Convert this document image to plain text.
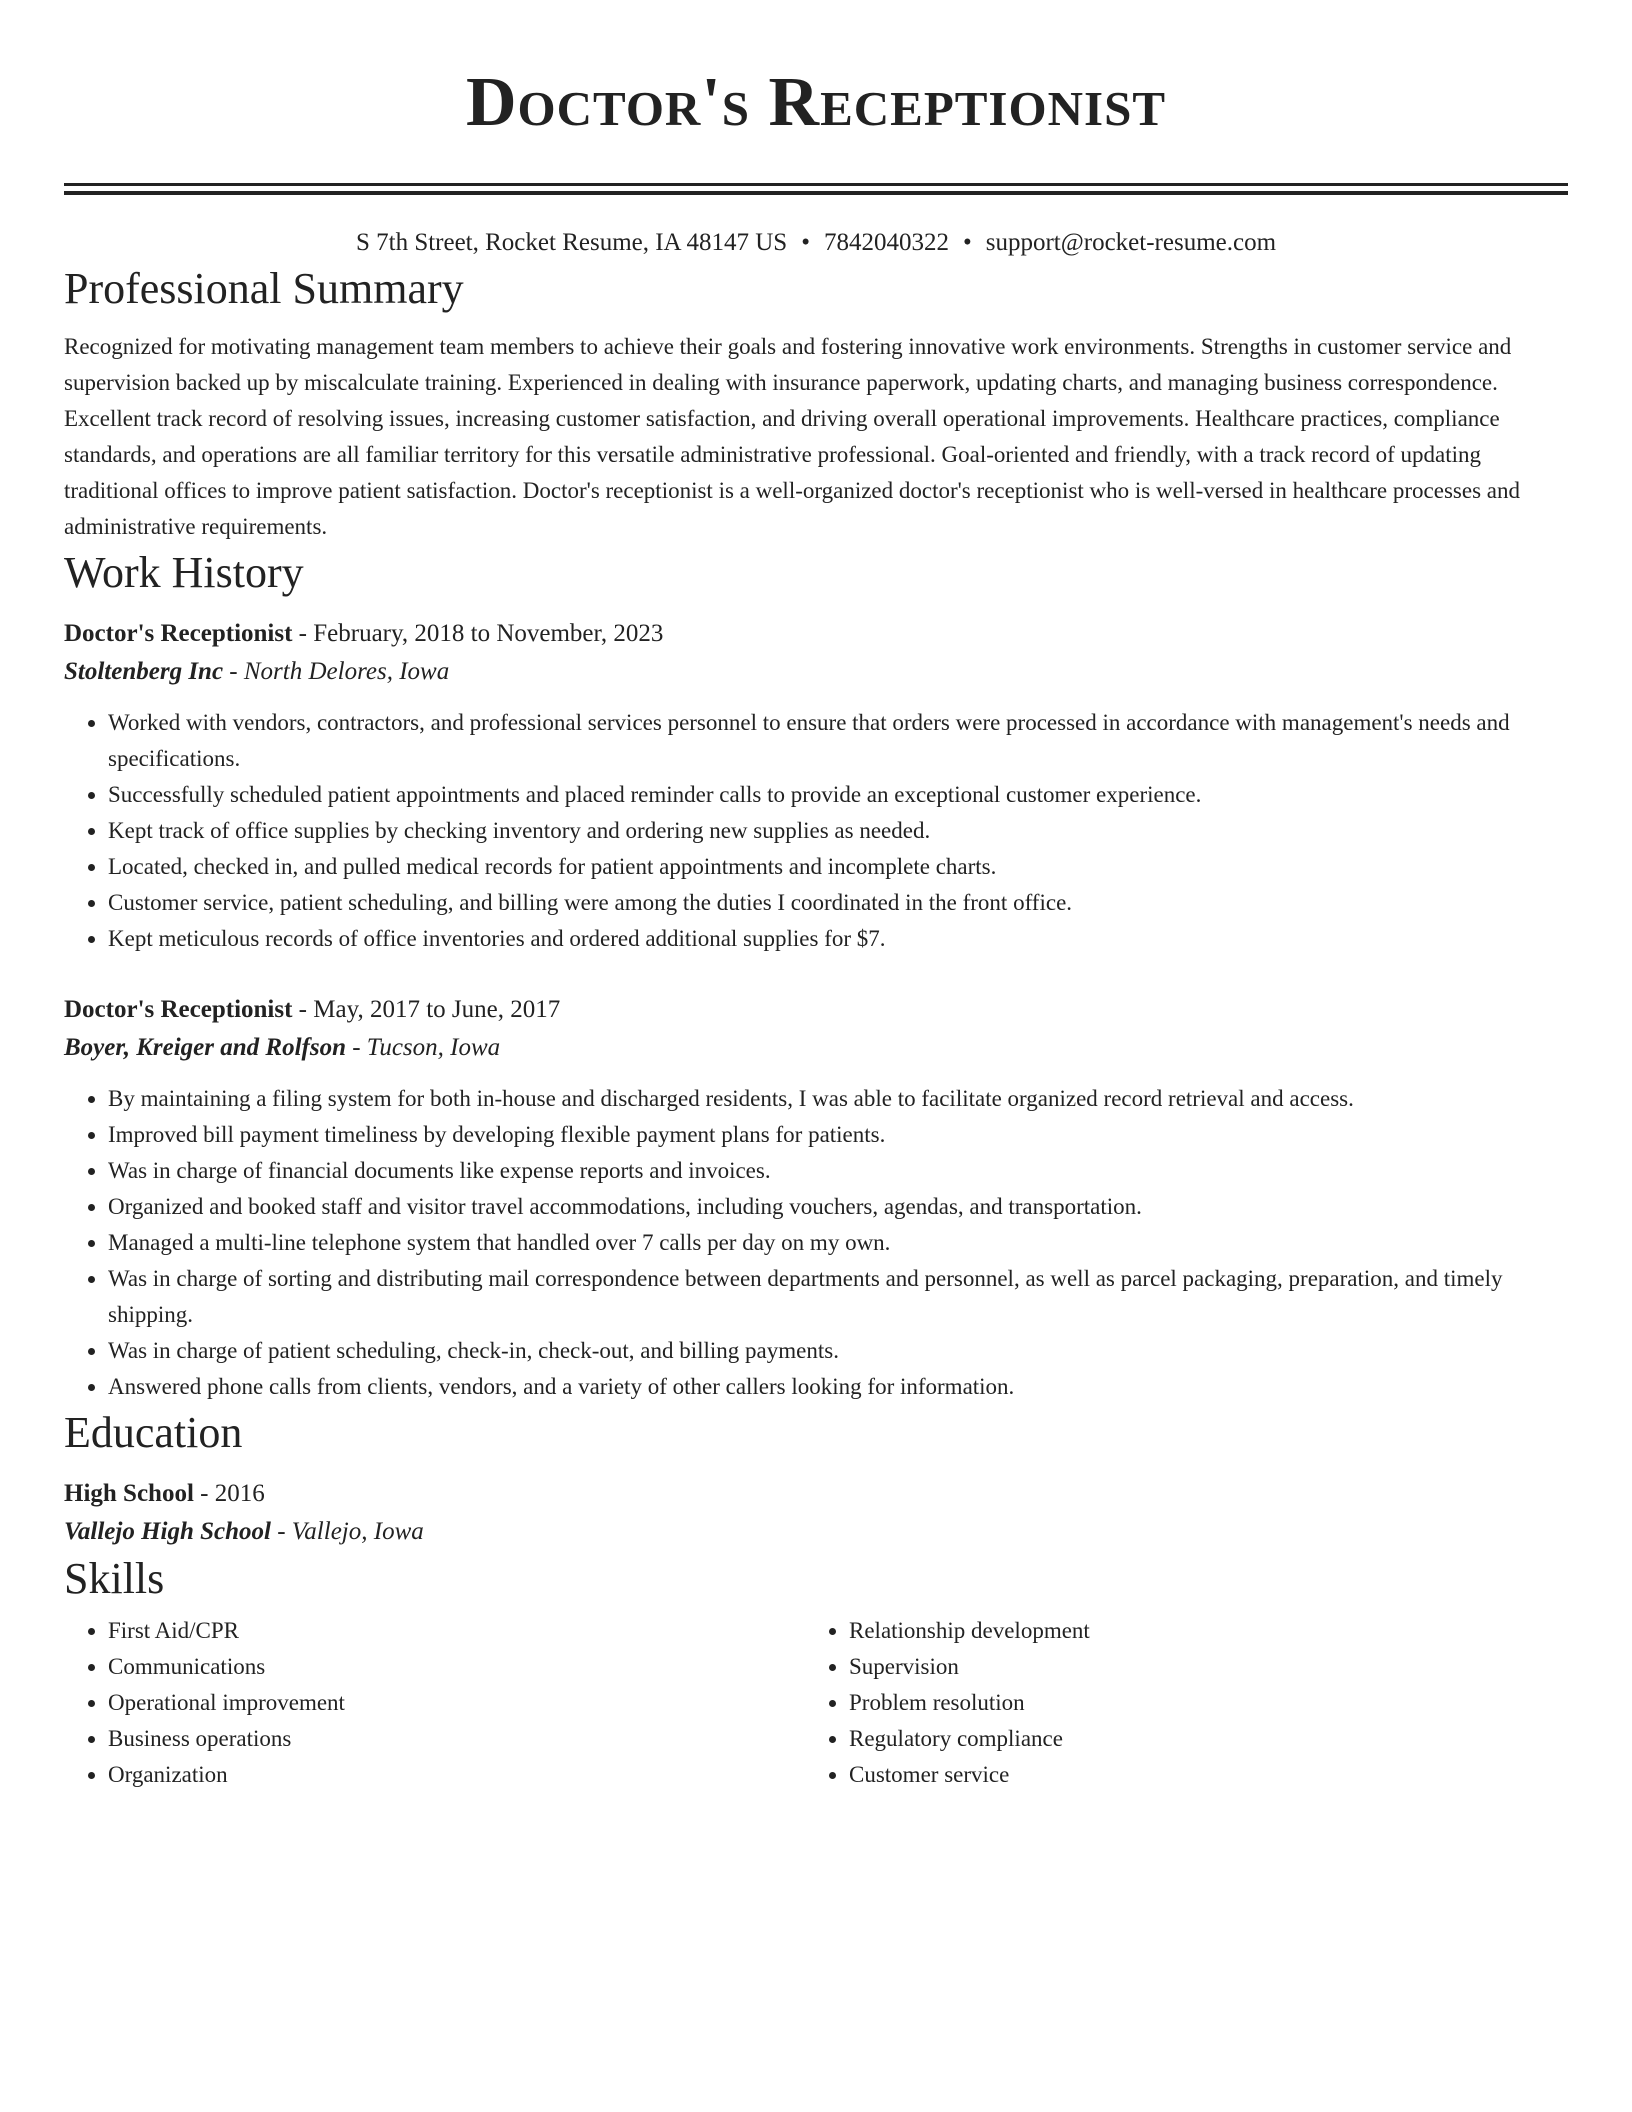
Doctor's Receptionist
S 7th Street, Rocket Resume, IA 48147 US • 7842040322 • support@rocket-resume.com
Professional Summary
Recognized for motivating management team members to achieve their goals and fostering innovative work environments. Strengths in customer service and supervision backed up by miscalculate training. Experienced in dealing with insurance paperwork, updating charts, and managing business correspondence. Excellent track record of resolving issues, increasing customer satisfaction, and driving overall operational improvements. Healthcare practices, compliance standards, and operations are all familiar territory for this versatile administrative professional. Goal-oriented and friendly, with a track record of updating traditional offices to improve patient satisfaction. Doctor's receptionist is a well-organized doctor's receptionist who is well-versed in healthcare processes and administrative requirements.
Work History
Doctor's Receptionist - February, 2018 to November, 2023
Stoltenberg Inc - North Delores, Iowa
• Worked with vendors, contractors, and professional services personnel to ensure that orders were processed in accordance with management's needs and specifications.
• Successfully scheduled patient appointments and placed reminder calls to provide an exceptional customer experience.
• Kept track of office supplies by checking inventory and ordering new supplies as needed.
• Located, checked in, and pulled medical records for patient appointments and incomplete charts.
• Customer service, patient scheduling, and billing were among the duties I coordinated in the front office.
• Kept meticulous records of office inventories and ordered additional supplies for $7.
Doctor's Receptionist - May, 2017 to June, 2017
Boyer, Kreiger and Rolfson - Tucson, Iowa
• By maintaining a filing system for both in-house and discharged residents, I was able to facilitate organized record retrieval and access.
• Improved bill payment timeliness by developing flexible payment plans for patients.
• Was in charge of financial documents like expense reports and invoices.
• Organized and booked staff and visitor travel accommodations, including vouchers, agendas, and transportation.
• Managed a multi-line telephone system that handled over 7 calls per day on my own.
• Was in charge of sorting and distributing mail correspondence between departments and personnel, as well as parcel packaging, preparation, and timely shipping.
• Was in charge of patient scheduling, check-in, check-out, and billing payments.
• Answered phone calls from clients, vendors, and a variety of other callers looking for information.
Education
High School - 2016
Vallejo High School - Vallejo, Iowa
Skills
• First Aid/CPR
• Communications
• Operational improvement
• Business operations
• Organization
• Relationship development
• Supervision
• Problem resolution
• Regulatory compliance
• Customer service
